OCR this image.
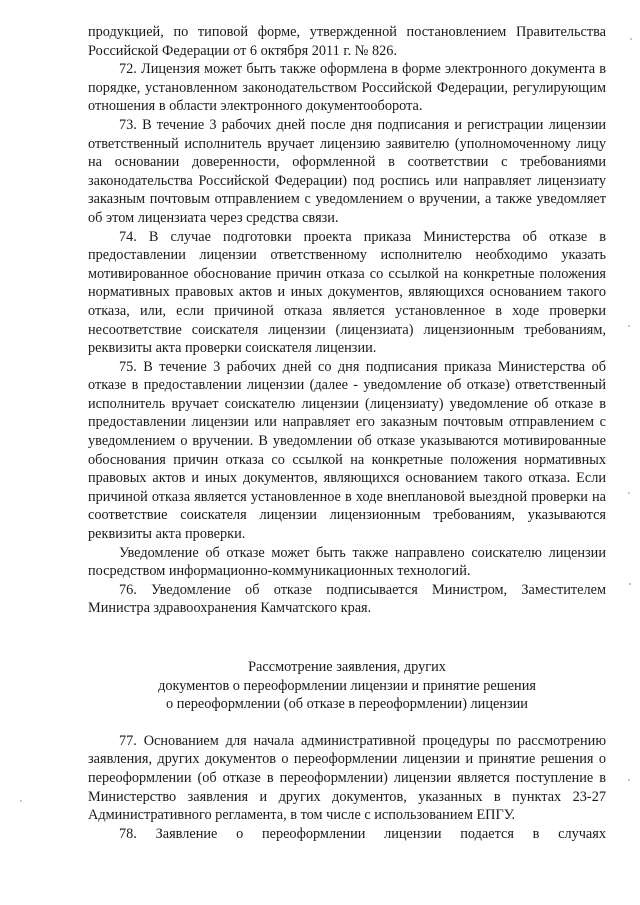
продукцией, по типовой форме, утвержденной постановлением Правительства Российской Федерации от 6 октября 2011 г. № 826.

72. Лицензия может быть также оформлена в форме электронного документа в порядке, установленном законодательством Российской Федерации, регулирующим отношения в области электронного документооборота.

73. В течение 3 рабочих дней после дня подписания и регистрации лицензии ответственный исполнитель вручает лицензию заявителю (уполномоченному лицу на основании доверенности, оформленной в соответствии с требованиями законодательства Российской Федерации) под роспись или направляет лицензиату заказным почтовым отправлением с уведомлением о вручении, а также уведомляет об этом лицензиата через средства связи.

74. В случае подготовки проекта приказа Министерства об отказе в предоставлении лицензии ответственному исполнителю необходимо указать мотивированное обоснование причин отказа со ссылкой на конкретные положения нормативных правовых актов и иных документов, являющихся основанием такого отказа, или, если причиной отказа является установленное в ходе проверки несоответствие соискателя лицензии (лицензиата) лицензионным требованиям, реквизиты акта проверки соискателя лицензии.

75. В течение 3 рабочих дней со дня подписания приказа Министерства об отказе в предоставлении лицензии (далее - уведомление об отказе) ответственный исполнитель вручает соискателю лицензии (лицензиату) уведомление об отказе в предоставлении лицензии или направляет его заказным почтовым отправлением с уведомлением о вручении. В уведомлении об отказе указываются мотивированные обоснования причин отказа со ссылкой на конкретные положения нормативных правовых актов и иных документов, являющихся основанием такого отказа. Если причиной отказа является установленное в ходе внеплановой выездной проверки на соответствие соискателя лицензии лицензионным требованиям, указываются реквизиты акта проверки.

Уведомление об отказе может быть также направлено соискателю лицензии посредством информационно-коммуникационных технологий.

76. Уведомление об отказе подписывается Министром, Заместителем Министра здравоохранения Камчатского края.

Рассмотрение заявления, других
документов о переоформлении лицензии и принятие решения
о переоформлении (об отказе в переоформлении) лицензии

77. Основанием для начала административной процедуры по рассмотрению заявления, других документов о переоформлении лицензии и принятие решения о переоформлении (об отказе в переоформлении) лицензии является поступление в Министерство заявления и других документов, указанных в пунктах 23-27 Административного регламента, в том числе с использованием ЕПГУ.

78. Заявление о переоформлении лицензии подается в случаях
